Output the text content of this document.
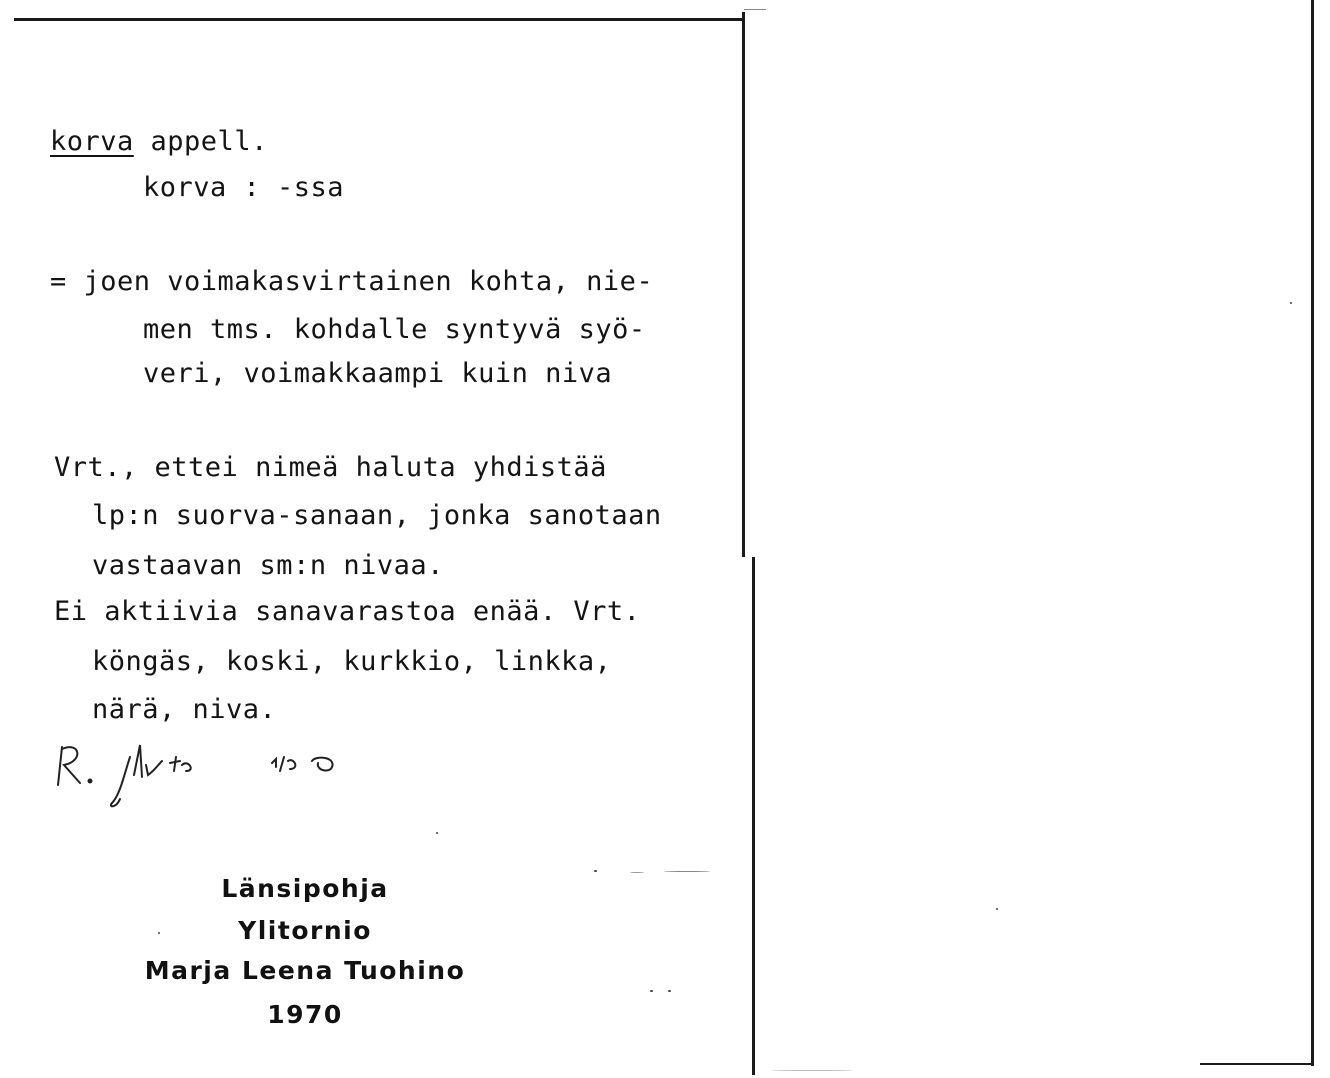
korva appell.
korva : -ssa
= joen voimakasvirtainen kohta, nie-
men tms. kohdalle syntyvä syö-
veri, voimakkaampi kuin niva
Vrt., ettei nimeä haluta yhdistää
lp:n suorva-sanaan, jonka sanotaan
vastaavan sm:n nivaa.
Ei aktiivia sanavarastoa enää. Vrt.
köngäs, koski, kurkkio, linkka,
närä, niva.
Länsipohja
Ylitornio
Marja Leena Tuohino
1970
